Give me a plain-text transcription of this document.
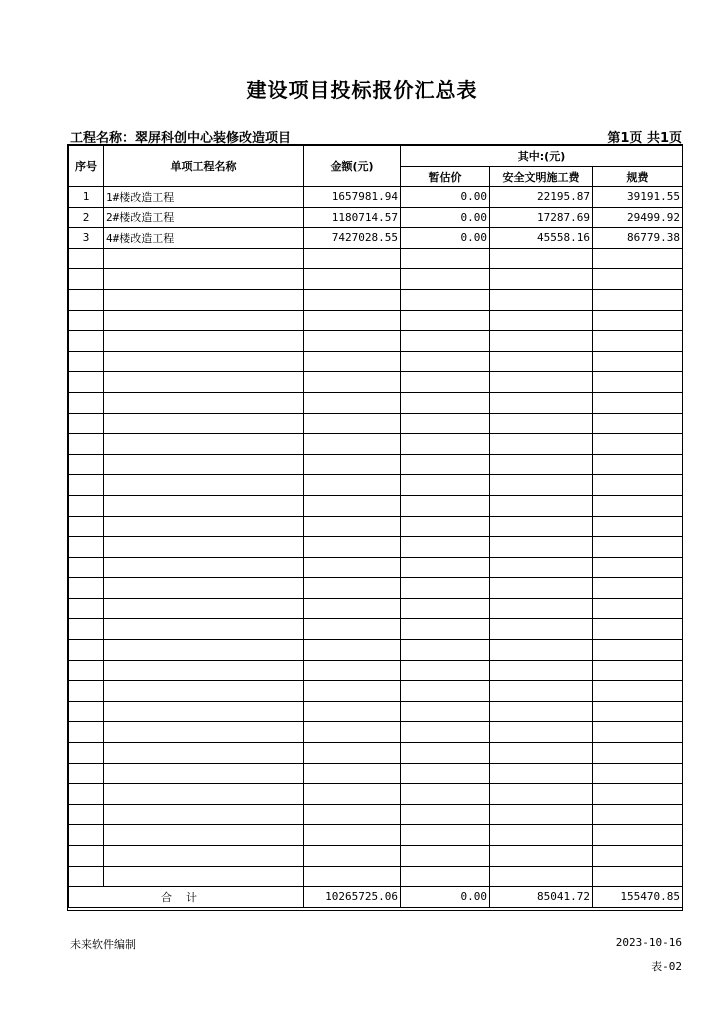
建设项目投标报价汇总表
工程名称：翠屏科创中心装修改造项目	第1页 共1页
序号	单项工程名称	金额(元)	其中:(元)		
			暂估价	安全文明施工费	规费
1	1#楼改造工程	1657981.94	0.00	22195.87	39191.55
2	2#楼改造工程	1180714.57	0.00	17287.69	29499.92
3	4#楼改造工程	7427028.55	0.00	45558.16	86779.38

合计		10265725.06	0.00	85041.72	155470.85
未来软件编制	2023-10-16
表-02
